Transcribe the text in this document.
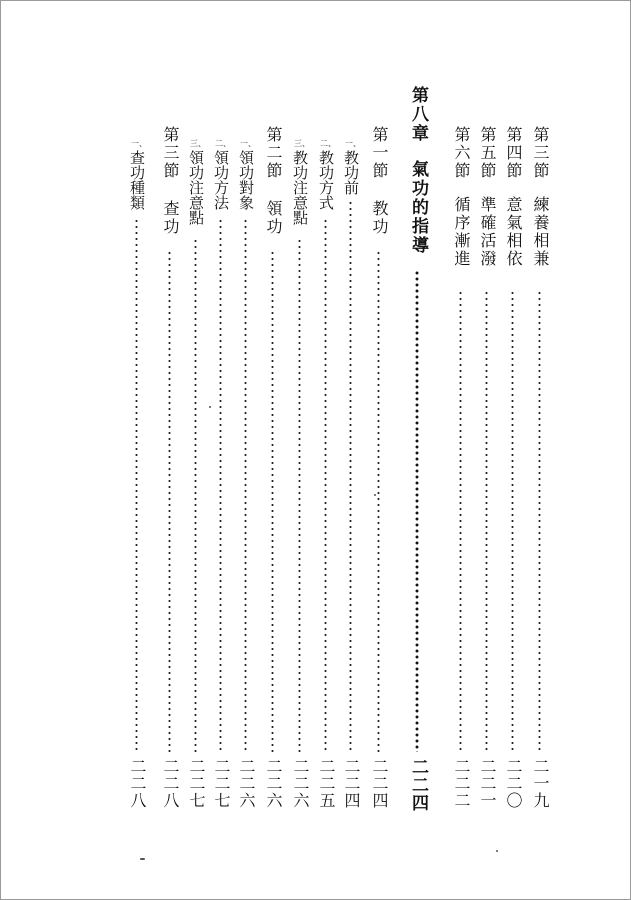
第三節
練養相兼
二一九
第四節
意氣相依
二二〇
第五節
準確活潑
二二一
第六節
循序漸進
二二二
第八章
氣功的指導
二二四
第一節
教功
二二四
一、
教功前
二二四
二、
教功方式
二二五
三、
教功注意點
二二六
第二節
領功
二二六
一、
領功對象
二二六
二、
領功方法
二二七
三、
領功注意點
二二七
第三節
查功
二二八
一、
查功種類
二二八
